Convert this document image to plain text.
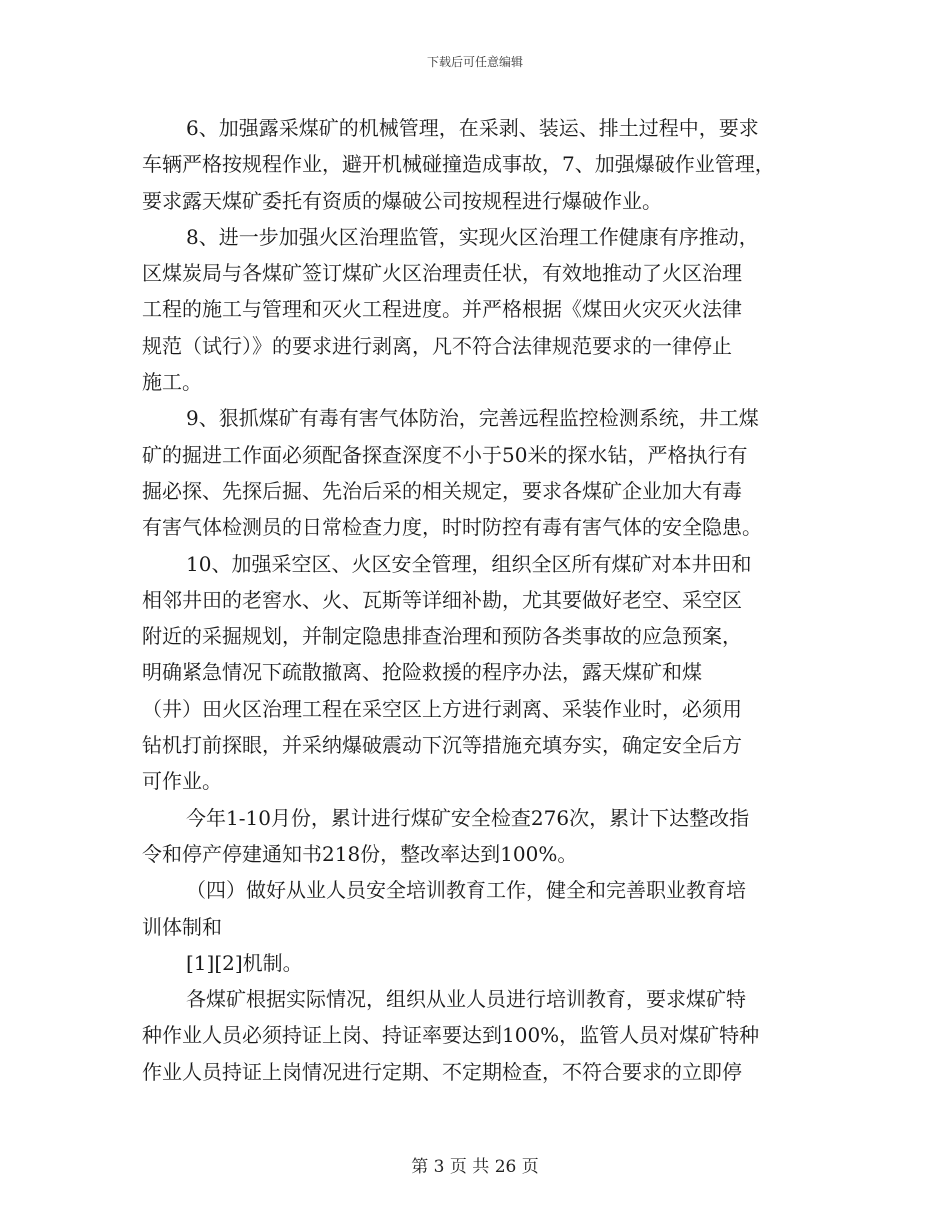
下载后可任意编辑
6、加强露采煤矿的机械管理，在采剥、装运、排土过程中，要求
车辆严格按规程作业，避开机械碰撞造成事故，7、加强爆破作业管理，
要求露天煤矿委托有资质的爆破公司按规程进行爆破作业。
8、进一步加强火区治理监管，实现火区治理工作健康有序推动，
区煤炭局与各煤矿签订煤矿火区治理责任状，有效地推动了火区治理
工程的施工与管理和灭火工程进度。并严格根据《煤田火灾灭火法律
规范（试行）》的要求进行剥离，凡不符合法律规范要求的一律停止
施工。
9、狠抓煤矿有毒有害气体防治，完善远程监控检测系统，井工煤
矿的掘进工作面必须配备探查深度不小于50米的探水钻，严格执行有
掘必探、先探后掘、先治后采的相关规定，要求各煤矿企业加大有毒
有害气体检测员的日常检查力度，时时防控有毒有害气体的安全隐患。
10、加强采空区、火区安全管理，组织全区所有煤矿对本井田和
相邻井田的老窖水、火、瓦斯等详细补勘，尤其要做好老空、采空区
附近的采掘规划，并制定隐患排查治理和预防各类事故的应急预案，
明确紧急情况下疏散撤离、抢险救援的程序办法，露天煤矿和煤
（井）田火区治理工程在采空区上方进行剥离、采装作业时，必须用
钻机打前探眼，并采纳爆破震动下沉等措施充填夯实，确定安全后方
可作业。
今年1-10月份，累计进行煤矿安全检查276次，累计下达整改指
令和停产停建通知书218份，整改率达到100%。
（四）做好从业人员安全培训教育工作，健全和完善职业教育培
训体制和
[1][2]机制。
各煤矿根据实际情况，组织从业人员进行培训教育，要求煤矿特
种作业人员必须持证上岗、持证率要达到100%，监管人员对煤矿特种
作业人员持证上岗情况进行定期、不定期检查，不符合要求的立即停
第 3 页 共 26 页
